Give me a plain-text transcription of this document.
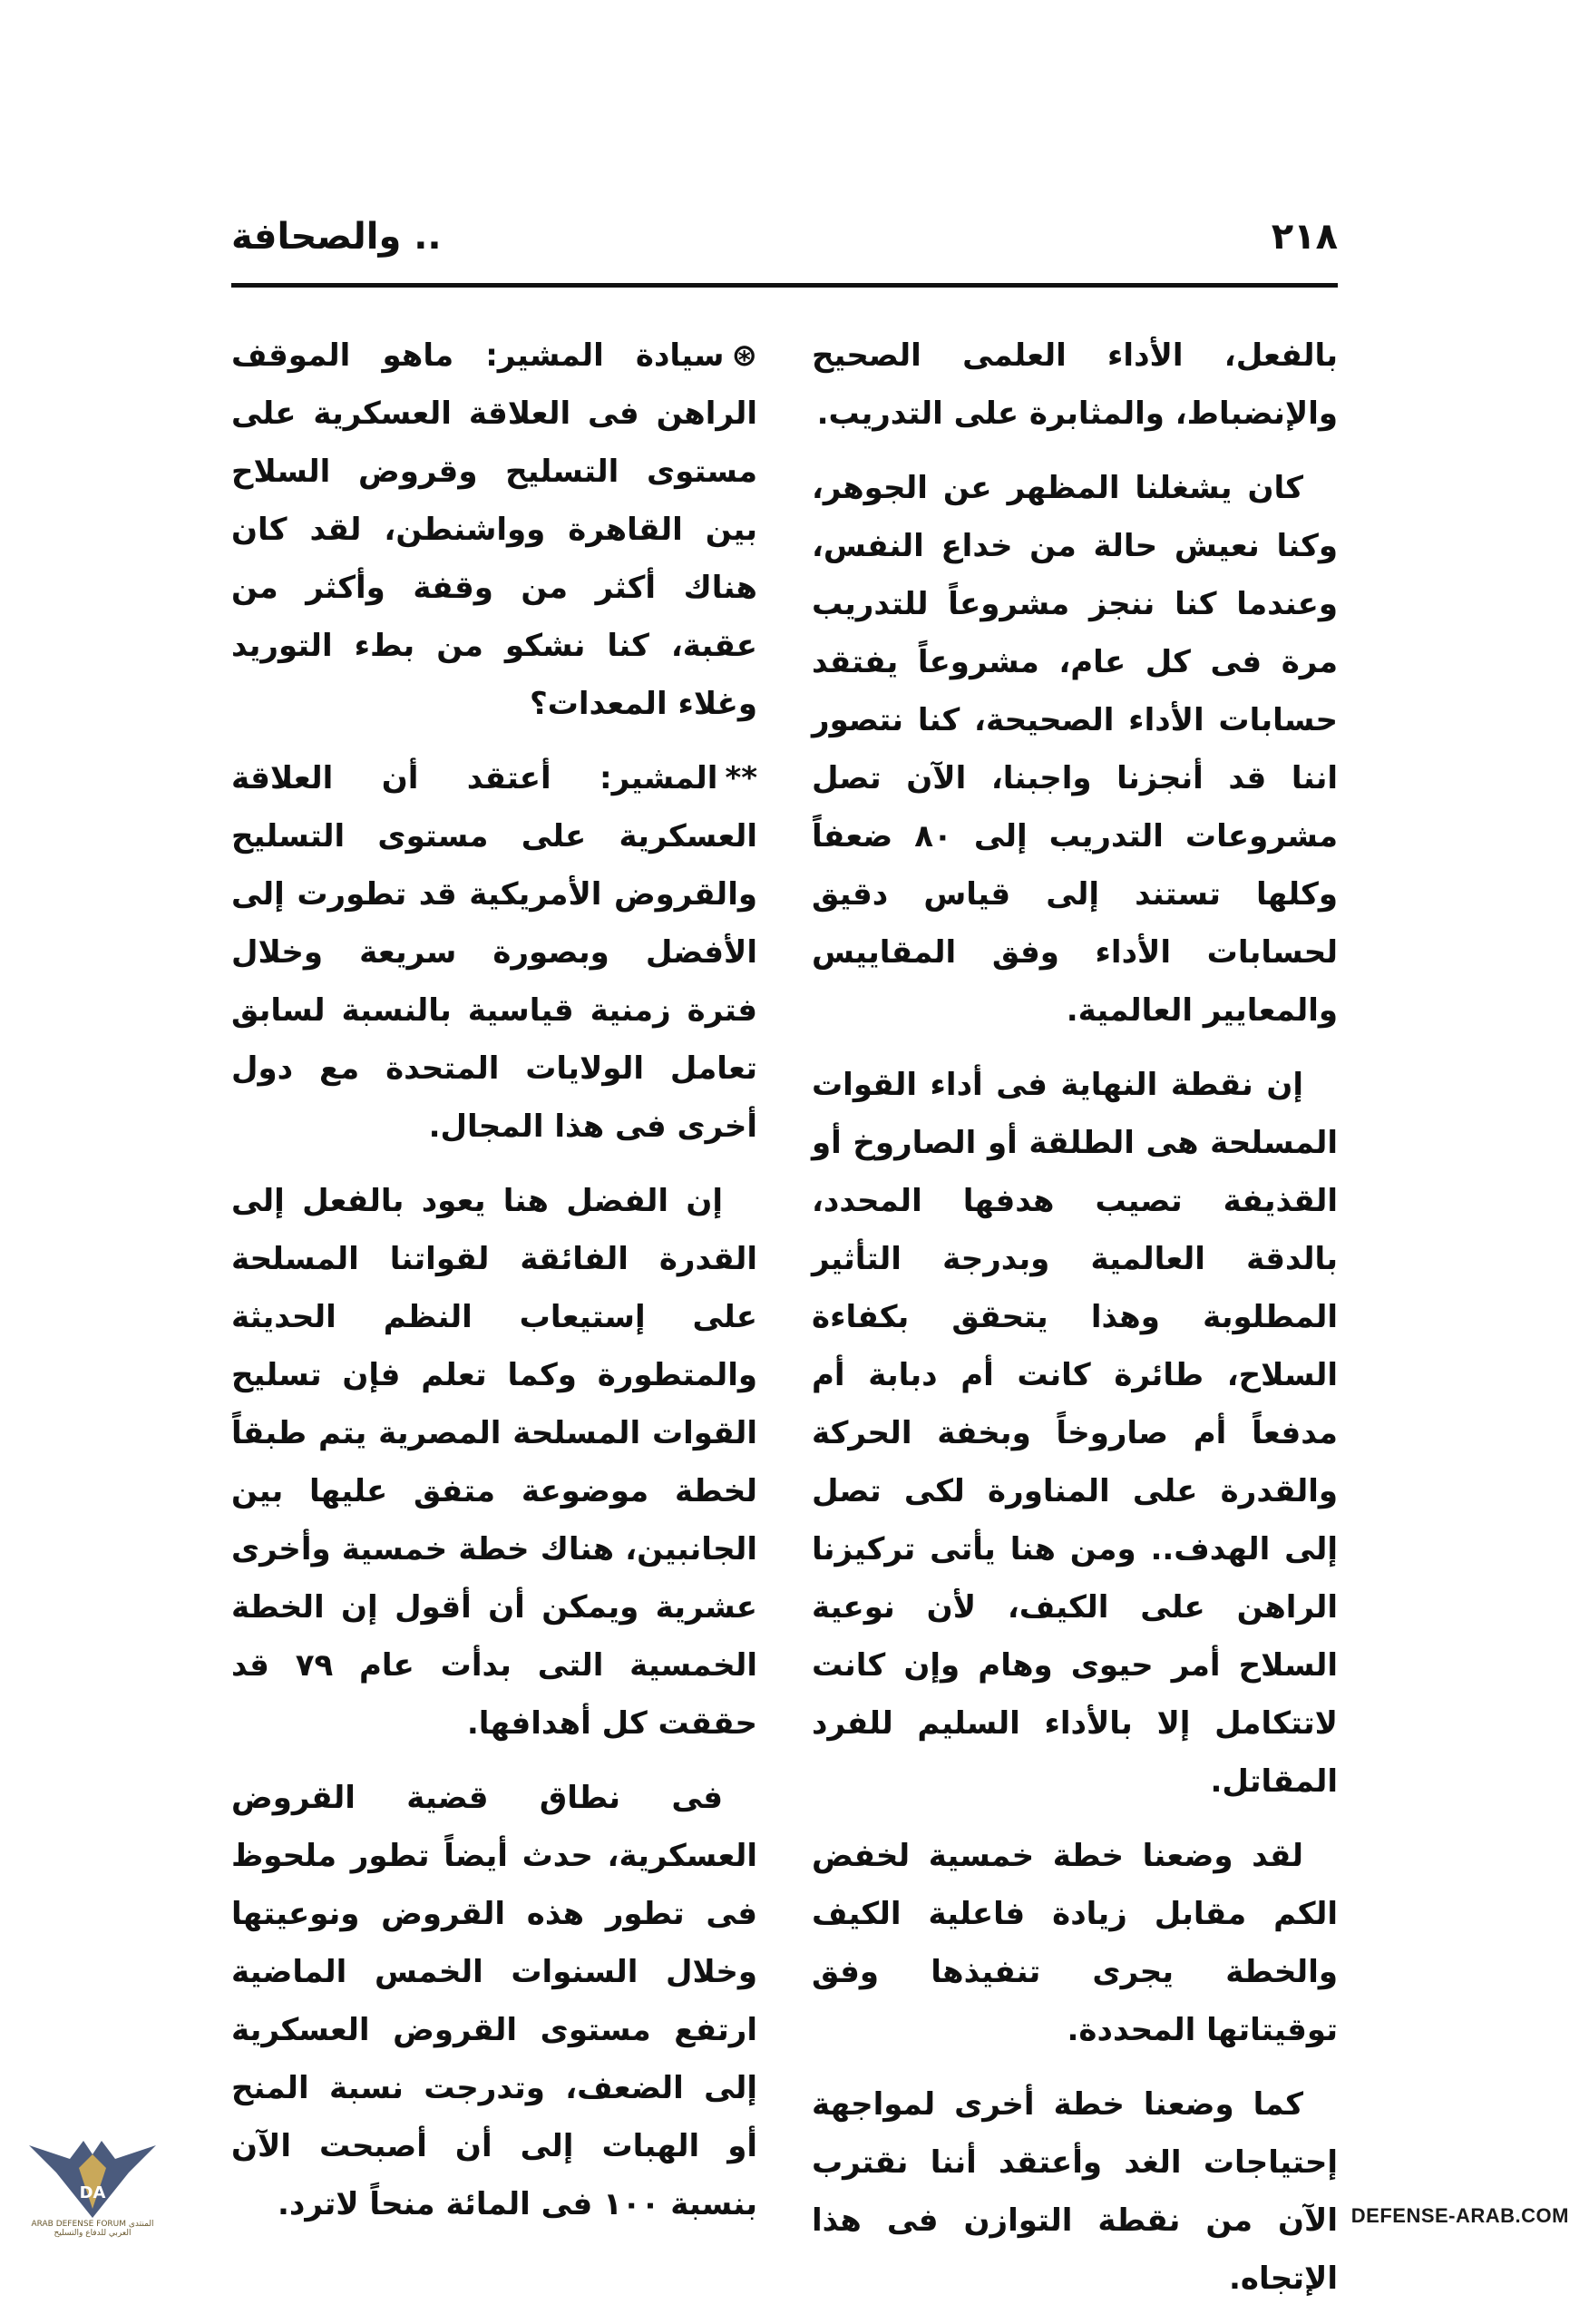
٢١٨
.. والصحافة

بالفعل، الأداء العلمى الصحيح والإنضباط، والمثابرة على التدريب.

كان يشغلنا المظهر عن الجوهر، وكنا نعيش حالة من خداع النفس، وعندما كنا ننجز مشروعاً للتدريب مرة فى كل عام، مشروعاً يفتقد حسابات الأداء الصحيحة، كنا نتصور اننا قد أنجزنا واجبنا، الآن تصل مشروعات التدريب إلى ٨٠ ضعفاً وكلها تستند إلى قياس دقيق لحسابات الأداء وفق المقاييس والمعايير العالمية.

إن نقطة النهاية فى أداء القوات المسلحة هى الطلقة أو الصاروخ أو القذيفة تصيب هدفها المحدد، بالدقة العالمية وبدرجة التأثير المطلوبة وهذا يتحقق بكفاءة السلاح، طائرة كانت أم دبابة أم مدفعاً أم صاروخاً وبخفة الحركة والقدرة على المناورة لكى تصل إلى الهدف.. ومن هنا يأتى تركيزنا الراهن على الكيف، لأن نوعية السلاح أمر حيوى وهام وإن كانت لاتتكامل إلا بالأداء السليم للفرد المقاتل.

لقد وضعنا خطة خمسية لخفض الكم مقابل زيادة فاعلية الكيف والخطة يجرى تنفيذها وفق توقيتاتها المحددة.

كما وضعنا خطة أخرى لمواجهة إحتياجات الغد وأعتقد أننا نقترب الآن من نقطة التوازن فى هذا الإتجاه.

⊛سيادة المشير: ماهو الموقف الراهن فى العلاقة العسكرية على مستوى التسليح وقروض السلاح بين القاهرة وواشنطن، لقد كان هناك أكثر من وقفة وأكثر من عقبة، كنا نشكو من بطء التوريد وغلاء المعدات؟

**المشير: أعتقد أن العلاقة العسكرية على مستوى التسليح والقروض الأمريكية قد تطورت إلى الأفضل وبصورة سريعة وخلال فترة زمنية قياسية بالنسبة لسابق تعامل الولايات المتحدة مع دول أخرى فى هذا المجال.

إن الفضل هنا يعود بالفعل إلى القدرة الفائقة لقواتنا المسلحة على إستيعاب النظم الحديثة والمتطورة وكما تعلم فإن تسليح القوات المسلحة المصرية يتم طبقاً لخطة موضوعة متفق عليها بين الجانبين، هناك خطة خمسية وأخرى عشرية ويمكن أن أقول إن الخطة الخمسية التى بدأت عام ٧٩ قد حققت كل أهدافها.

فى نطاق قضية القروض العسكرية، حدث أيضاً تطور ملحوظ فى تطور هذه القروض ونوعيتها وخلال السنوات الخمس الماضية ارتفع مستوى القروض العسكرية إلى الضعف، وتدرجت نسبة المنح أو الهبات إلى أن أصبحت الآن بنسبة ١٠٠ فى المائة منحاً لاترد.

DA
ARAB DEFENSE FORUM المنتدى العربي للدفاع والتسليح
DEFENSE-ARAB.COM
